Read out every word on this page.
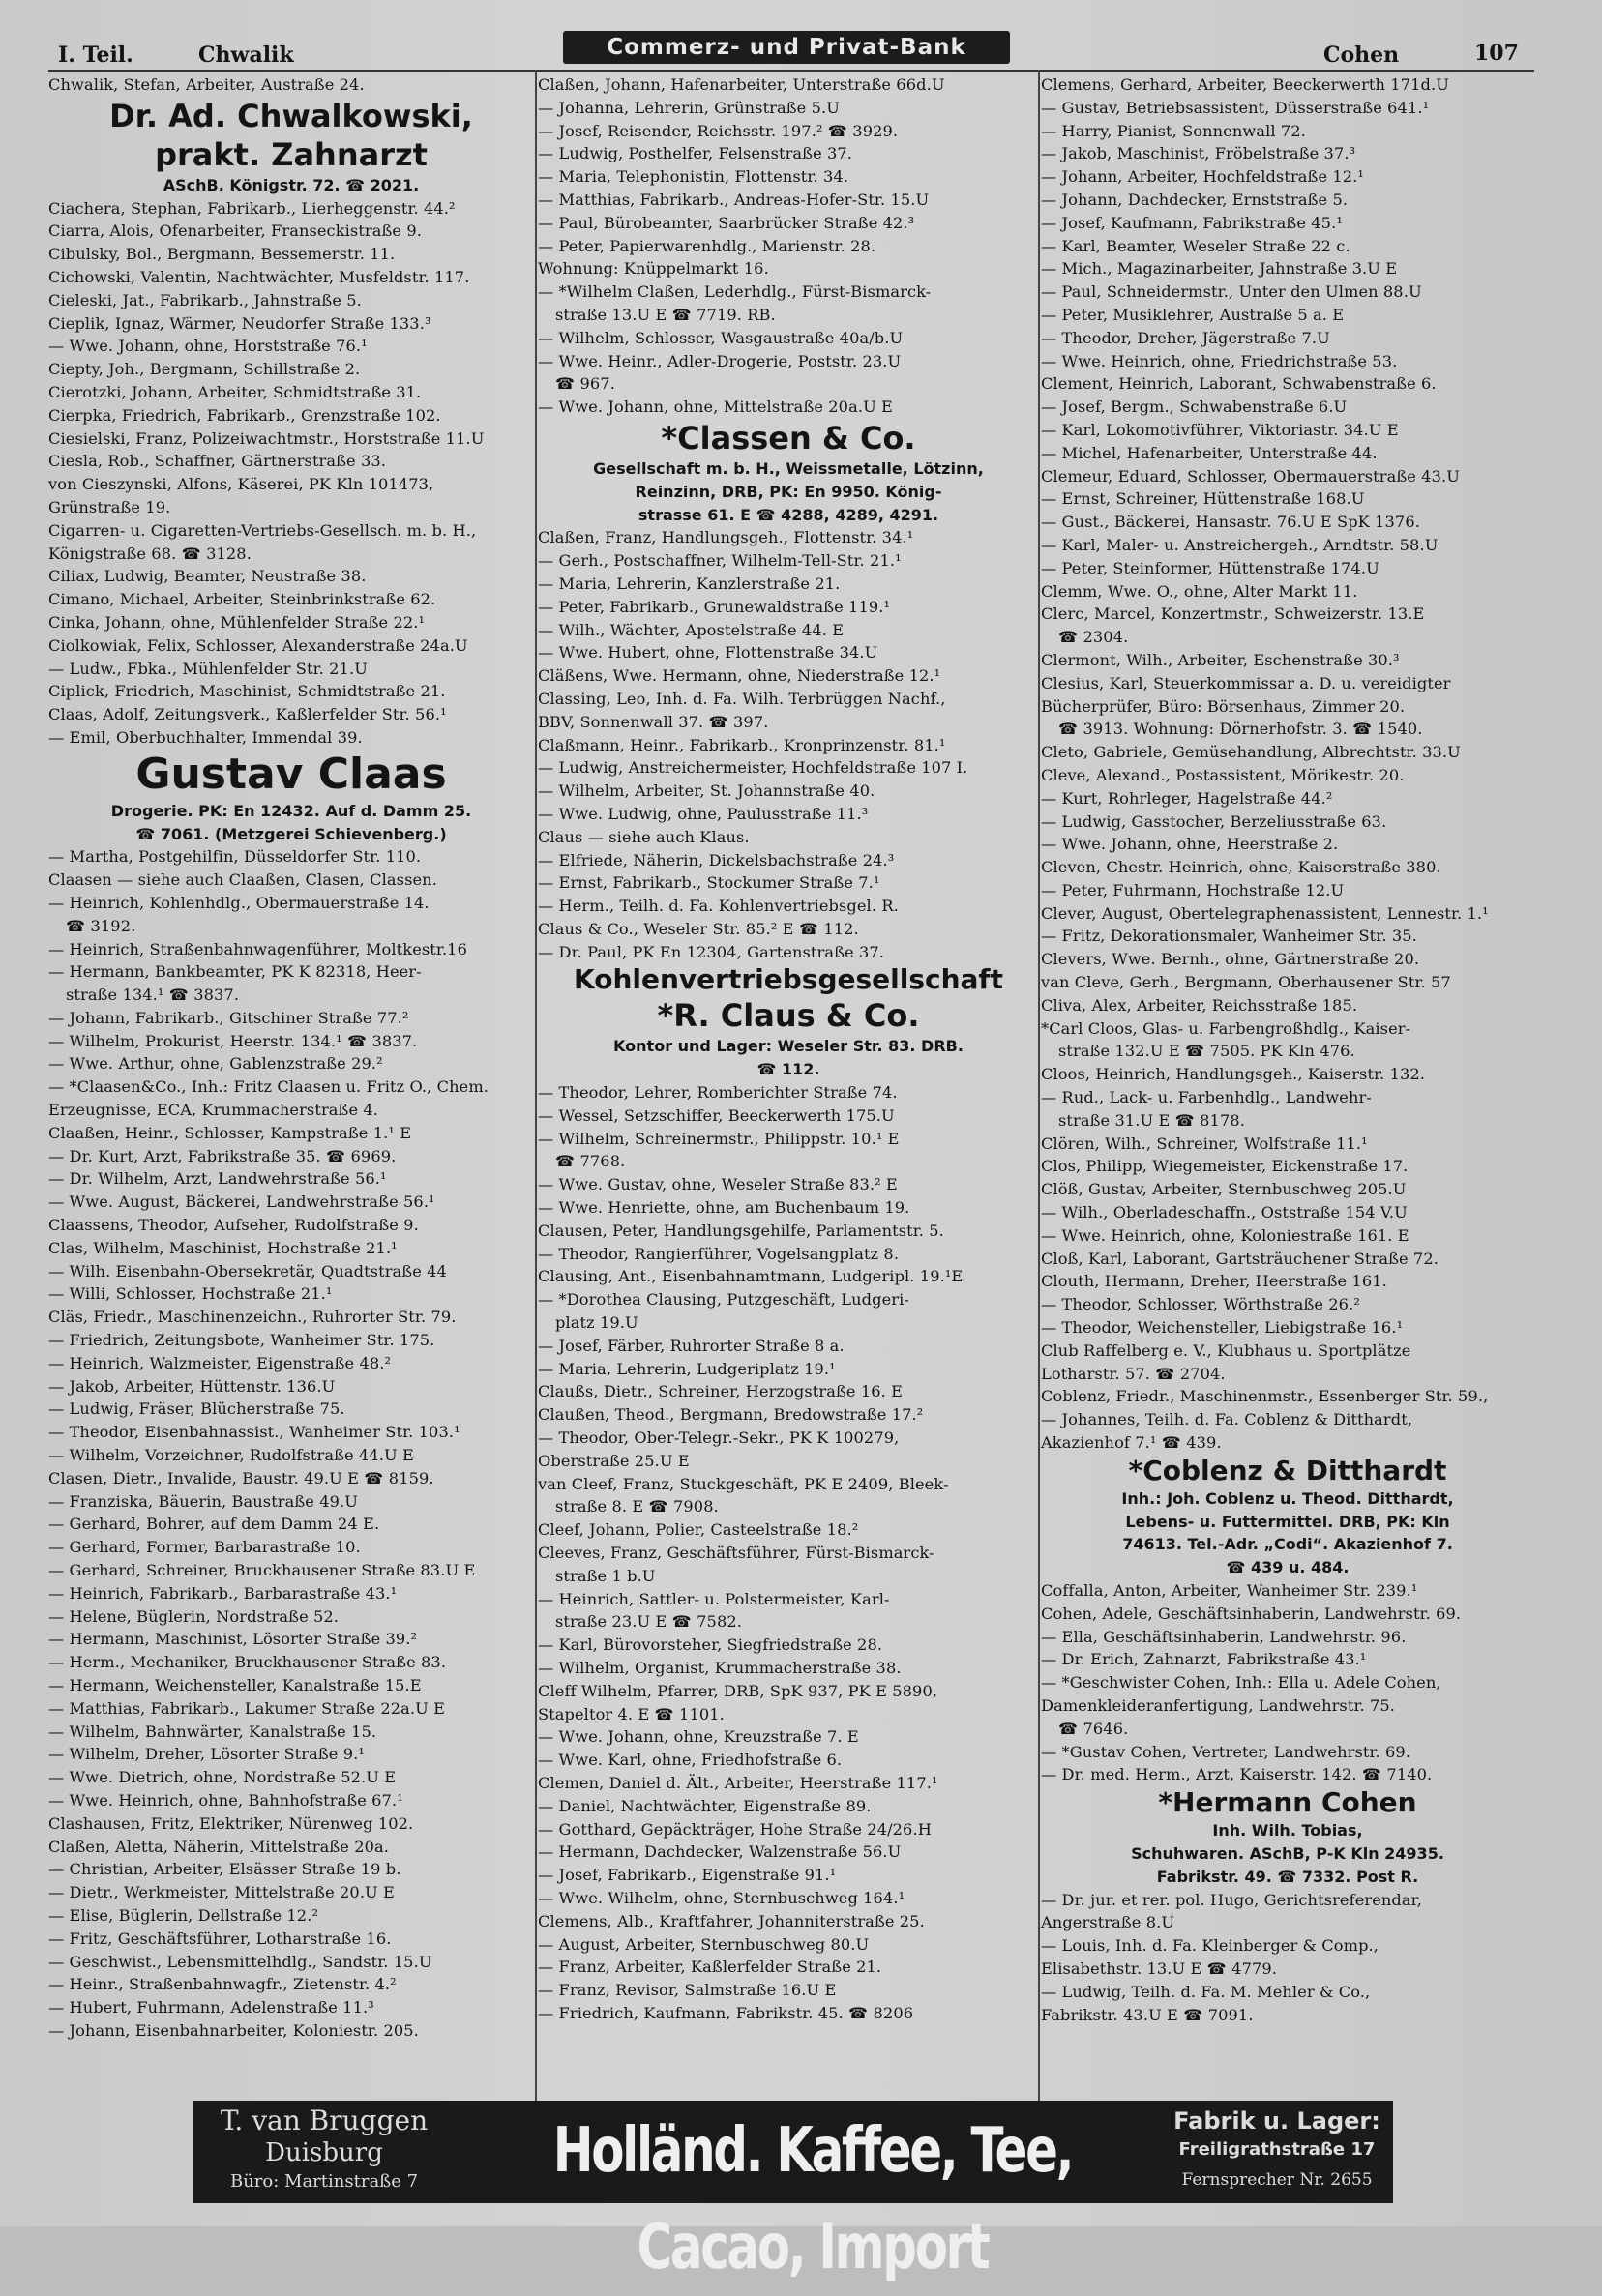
I. Teil.	Chwalik	Commerz- und Privat-Bank	Cohen	107
Chwalik, Stefan, Arbeiter, Austraße 24.
Dr. Ad. Chwalkowski,
prakt. Zahnarzt
ASchB. Königstr. 72. ☎ 2021.
Ciachera, Stephan, Fabrikarb., Lierheggenstr. 44.²
Ciarra, Alois, Ofenarbeiter, Franseckistraße 9.
Cibulsky, Bol., Bergmann, Bessemerstr. 11.
Cichowski, Valentin, Nachtwächter, Musfeldstr. 117.
Cieleski, Jat., Fabrikarb., Jahnstraße 5.
Cieplik, Ignaz, Wärmer, Neudorfer Straße 133.³
— Wwe. Johann, ohne, Horststraße 76.¹
Ciepty, Joh., Bergmann, Schillstraße 2.
Cierotzki, Johann, Arbeiter, Schmidtstraße 31.
Cierpka, Friedrich, Fabrikarb., Grenzstraße 102.
Ciesielski, Franz, Polizeiwachtmstr., Horststraße 11.U
Ciesla, Rob., Schaffner, Gärtnerstraße 33.
von Cieszynski, Alfons, Käserei, PK Kln 101473,
Grünstraße 19.
Cigarren- u. Cigaretten-Vertriebs-Gesellsch. m. b. H.,
Königstraße 68. ☎ 3128.
Ciliax, Ludwig, Beamter, Neustraße 38.
Cimano, Michael, Arbeiter, Steinbrinkstraße 62.
Cinka, Johann, ohne, Mühlenfelder Straße 22.¹
Ciolkowiak, Felix, Schlosser, Alexanderstraße 24a.U
— Ludw., Fbka., Mühlenfelder Str. 21.U
Ciplick, Friedrich, Maschinist, Schmidtstraße 21.
Claas, Adolf, Zeitungsverk., Kaßlerfelder Str. 56.¹
— Emil, Oberbuchhalter, Immendal 39.
Gustav Claas
Drogerie. PK: En 12432. Auf d. Damm 25.
☎ 7061. (Metzgerei Schievenberg.)
— Martha, Postgehilfin, Düsseldorfer Str. 110.
Claasen — siehe auch Claaßen, Clasen, Classen.
— Heinrich, Kohlenhdlg., Obermauerstraße 14.
☎ 3192.
— Heinrich, Straßenbahnwagenführer, Moltkestr.16
— Hermann, Bankbeamter, PK K 82318, Heer-
straße 134.¹ ☎ 3837.
— Johann, Fabrikarb., Gitschiner Straße 77.²
— Wilhelm, Prokurist, Heerstr. 134.¹ ☎ 3837.
— Wwe. Arthur, ohne, Gablenzstraße 29.²
— *Claasen&Co., Inh.: Fritz Claasen u. Fritz O., Chem.
Erzeugnisse, ECA, Krummacherstraße 4.
Claaßen, Heinr., Schlosser, Kampstraße 1.¹ E
— Dr. Kurt, Arzt, Fabrikstraße 35. ☎ 6969.
— Dr. Wilhelm, Arzt, Landwehrstraße 56.¹
— Wwe. August, Bäckerei, Landwehrstraße 56.¹
Claassens, Theodor, Aufseher, Rudolfstraße 9.
Clas, Wilhelm, Maschinist, Hochstraße 21.¹
— Wilh. Eisenbahn-Obersekretär, Quadtstraße 44
— Willi, Schlosser, Hochstraße 21.¹
Cläs, Friedr., Maschinenzeichn., Ruhrorter Str. 79.
— Friedrich, Zeitungsbote, Wanheimer Str. 175.
— Heinrich, Walzmeister, Eigenstraße 48.²
— Jakob, Arbeiter, Hüttenstr. 136.U
— Ludwig, Fräser, Blücherstraße 75.
— Theodor, Eisenbahnassist., Wanheimer Str. 103.¹
— Wilhelm, Vorzeichner, Rudolfstraße 44.U E
Clasen, Dietr., Invalide, Baustr. 49.U E ☎ 8159.
— Franziska, Bäuerin, Baustraße 49.U
— Gerhard, Bohrer, auf dem Damm 24 E.
— Gerhard, Former, Barbarastraße 10.
— Gerhard, Schreiner, Bruckhausener Straße 83.U E
— Heinrich, Fabrikarb., Barbarastraße 43.¹
— Helene, Büglerin, Nordstraße 52.
— Hermann, Maschinist, Lösorter Straße 39.²
— Herm., Mechaniker, Bruckhausener Straße 83.
— Hermann, Weichensteller, Kanalstraße 15.E
— Matthias, Fabrikarb., Lakumer Straße 22a.U E
— Wilhelm, Bahnwärter, Kanalstraße 15.
— Wilhelm, Dreher, Lösorter Straße 9.¹
— Wwe. Dietrich, ohne, Nordstraße 52.U E
— Wwe. Heinrich, ohne, Bahnhofstraße 67.¹
Clashausen, Fritz, Elektriker, Nürenweg 102.
Claßen, Aletta, Näherin, Mittelstraße 20a.
— Christian, Arbeiter, Elsässer Straße 19 b.
— Dietr., Werkmeister, Mittelstraße 20.U E
— Elise, Büglerin, Dellstraße 12.²
— Fritz, Geschäftsführer, Lotharstraße 16.
— Geschwist., Lebensmittelhdlg., Sandstr. 15.U
— Heinr., Straßenbahnwagfr., Zietenstr. 4.²
— Hubert, Fuhrmann, Adelenstraße 11.³
— Johann, Eisenbahnarbeiter, Koloniestr. 205.
Claßen, Johann, Hafenarbeiter, Unterstraße 66d.U
— Johanna, Lehrerin, Grünstraße 5.U
— Josef, Reisender, Reichsstr. 197.² ☎ 3929.
— Ludwig, Posthelfer, Felsenstraße 37.
— Maria, Telephonistin, Flottenstr. 34.
— Matthias, Fabrikarb., Andreas-Hofer-Str. 15.U
— Paul, Bürobeamter, Saarbrücker Straße 42.³
— Peter, Papierwarenhdlg., Marienstr. 28.
Wohnung: Knüppelmarkt 16.
— *Wilhelm Claßen, Lederhdlg., Fürst-Bismarck-
straße 13.U E ☎ 7719. RB.
— Wilhelm, Schlosser, Wasgaustraße 40a/b.U
— Wwe. Heinr., Adler-Drogerie, Poststr. 23.U
☎ 967.
— Wwe. Johann, ohne, Mittelstraße 20a.U E
*Classen & Co.
Gesellschaft m. b. H., Weissmetalle, Lötzinn,
Reinzinn, DRB, PK: En 9950. König-
strasse 61. E ☎ 4288, 4289, 4291.
Claßen, Franz, Handlungsgeh., Flottenstr. 34.¹
— Gerh., Postschaffner, Wilhelm-Tell-Str. 21.¹
— Maria, Lehrerin, Kanzlerstraße 21.
— Peter, Fabrikarb., Grunewaldstraße 119.¹
— Wilh., Wächter, Apostelstraße 44. E
— Wwe. Hubert, ohne, Flottenstraße 34.U
Cläßens, Wwe. Hermann, ohne, Niederstraße 12.¹
Classing, Leo, Inh. d. Fa. Wilh. Terbrüggen Nachf.,
BBV, Sonnenwall 37. ☎ 397.
Claßmann, Heinr., Fabrikarb., Kronprinzenstr. 81.¹
— Ludwig, Anstreichermeister, Hochfeldstraße 107 I.
— Wilhelm, Arbeiter, St. Johannstraße 40.
— Wwe. Ludwig, ohne, Paulusstraße 11.³
Claus — siehe auch Klaus.
— Elfriede, Näherin, Dickelsbachstraße 24.³
— Ernst, Fabrikarb., Stockumer Straße 7.¹
— Herm., Teilh. d. Fa. Kohlenvertriebsgel. R.
Claus & Co., Weseler Str. 85.² E ☎ 112.
— Dr. Paul, PK En 12304, Gartenstraße 37.
Kohlenvertriebsgesellschaft
*R. Claus & Co.
Kontor und Lager: Weseler Str. 83. DRB.
☎ 112.
— Theodor, Lehrer, Romberichter Straße 74.
— Wessel, Setzschiffer, Beeckerwerth 175.U
— Wilhelm, Schreinermstr., Philippstr. 10.¹ E
☎ 7768.
— Wwe. Gustav, ohne, Weseler Straße 83.² E
— Wwe. Henriette, ohne, am Buchenbaum 19.
Clausen, Peter, Handlungsgehilfe, Parlamentstr. 5.
— Theodor, Rangierführer, Vogelsangplatz 8.
Clausing, Ant., Eisenbahnamtmann, Ludgeripl. 19.¹E
— *Dorothea Clausing, Putzgeschäft, Ludgeri-
platz 19.U
— Josef, Färber, Ruhrorter Straße 8 a.
— Maria, Lehrerin, Ludgeriplatz 19.¹
Claußs, Dietr., Schreiner, Herzogstraße 16. E
Claußen, Theod., Bergmann, Bredowstraße 17.²
— Theodor, Ober-Telegr.-Sekr., PK K 100279,
Oberstraße 25.U E
van Cleef, Franz, Stuckgeschäft, PK E 2409, Bleek-
straße 8. E ☎ 7908.
Cleef, Johann, Polier, Casteelstraße 18.²
Cleeves, Franz, Geschäftsführer, Fürst-Bismarck-
straße 1 b.U
— Heinrich, Sattler- u. Polstermeister, Karl-
straße 23.U E ☎ 7582.
— Karl, Bürovorsteher, Siegfriedstraße 28.
— Wilhelm, Organist, Krummacherstraße 38.
Cleff Wilhelm, Pfarrer, DRB, SpK 937, PK E 5890,
Stapeltor 4. E ☎ 1101.
— Wwe. Johann, ohne, Kreuzstraße 7. E
— Wwe. Karl, ohne, Friedhofstraße 6.
Clemen, Daniel d. Ält., Arbeiter, Heerstraße 117.¹
— Daniel, Nachtwächter, Eigenstraße 89.
— Gotthard, Gepäckträger, Hohe Straße 24/26.H
— Hermann, Dachdecker, Walzenstraße 56.U
— Josef, Fabrikarb., Eigenstraße 91.¹
— Wwe. Wilhelm, ohne, Sternbuschweg 164.¹
Clemens, Alb., Kraftfahrer, Johanniterstraße 25.
— August, Arbeiter, Sternbuschweg 80.U
— Franz, Arbeiter, Kaßlerfelder Straße 21.
— Franz, Revisor, Salmstraße 16.U E
— Friedrich, Kaufmann, Fabrikstr. 45. ☎ 8206
Clemens, Gerhard, Arbeiter, Beeckerwerth 171d.U
— Gustav, Betriebsassistent, Düsserstraße 641.¹
— Harry, Pianist, Sonnenwall 72.
— Jakob, Maschinist, Fröbelstraße 37.³
— Johann, Arbeiter, Hochfeldstraße 12.¹
— Johann, Dachdecker, Ernststraße 5.
— Josef, Kaufmann, Fabrikstraße 45.¹
— Karl, Beamter, Weseler Straße 22 c.
— Mich., Magazinarbeiter, Jahnstraße 3.U E
— Paul, Schneidermstr., Unter den Ulmen 88.U
— Peter, Musiklehrer, Austraße 5 a. E
— Theodor, Dreher, Jägerstraße 7.U
— Wwe. Heinrich, ohne, Friedrichstraße 53.
Clement, Heinrich, Laborant, Schwabenstraße 6.
— Josef, Bergm., Schwabenstraße 6.U
— Karl, Lokomotivführer, Viktoriastr. 34.U E
— Michel, Hafenarbeiter, Unterstraße 44.
Clemeur, Eduard, Schlosser, Obermauerstraße 43.U
— Ernst, Schreiner, Hüttenstraße 168.U
— Gust., Bäckerei, Hansastr. 76.U E SpK 1376.
— Karl, Maler- u. Anstreichergeh., Arndtstr. 58.U
— Peter, Steinformer, Hüttenstraße 174.U
Clemm, Wwe. O., ohne, Alter Markt 11.
Clerc, Marcel, Konzertmstr., Schweizerstr. 13.E
☎ 2304.
Clermont, Wilh., Arbeiter, Eschenstraße 30.³
Clesius, Karl, Steuerkommissar a. D. u. vereidigter
Bücherprüfer, Büro: Börsenhaus, Zimmer 20.
☎ 3913. Wohnung: Dörnerhofstr. 3. ☎ 1540.
Cleto, Gabriele, Gemüsehandlung, Albrechtstr. 33.U
Cleve, Alexand., Postassistent, Mörikestr. 20.
— Kurt, Rohrleger, Hagelstraße 44.²
— Ludwig, Gasstocher, Berzeliusstraße 63.
— Wwe. Johann, ohne, Heerstraße 2.
Cleven, Chestr. Heinrich, ohne, Kaiserstraße 380.
— Peter, Fuhrmann, Hochstraße 12.U
Clever, August, Obertelegraphenassistent, Lennestr. 1.¹
— Fritz, Dekorationsmaler, Wanheimer Str. 35.
Clevers, Wwe. Bernh., ohne, Gärtnerstraße 20.
van Cleve, Gerh., Bergmann, Oberhausener Str. 57
Cliva, Alex, Arbeiter, Reichsstraße 185.
*Carl Cloos, Glas- u. Farbengroßhdlg., Kaiser-
straße 132.U E ☎ 7505. PK Kln 476.
Cloos, Heinrich, Handlungsgeh., Kaiserstr. 132.
— Rud., Lack- u. Farbenhdlg., Landwehr-
straße 31.U E ☎ 8178.
Clören, Wilh., Schreiner, Wolfstraße 11.¹
Clos, Philipp, Wiegemeister, Eickenstraße 17.
Clöß, Gustav, Arbeiter, Sternbuschweg 205.U
— Wilh., Oberladeschaffn., Oststraße 154 V.U
— Wwe. Heinrich, ohne, Koloniestraße 161. E
Cloß, Karl, Laborant, Gartsträuchener Straße 72.
Clouth, Hermann, Dreher, Heerstraße 161.
— Theodor, Schlosser, Wörthstraße 26.²
— Theodor, Weichensteller, Liebigstraße 16.¹
Club Raffelberg e. V., Klubhaus u. Sportplätze
Lotharstr. 57. ☎ 2704.
Coblenz, Friedr., Maschinenmstr., Essenberger Str. 59.,
— Johannes, Teilh. d. Fa. Coblenz & Ditthardt,
Akazienhof 7.¹ ☎ 439.
*Coblenz & Ditthardt
Inh.: Joh. Coblenz u. Theod. Ditthardt,
Lebens- u. Futtermittel. DRB, PK: Kln
74613. Tel.-Adr. „Codi“. Akazienhof 7.
☎ 439 u. 484.
Coffalla, Anton, Arbeiter, Wanheimer Str. 239.¹
Cohen, Adele, Geschäftsinhaberin, Landwehrstr. 69.
— Ella, Geschäftsinhaberin, Landwehrstr. 96.
— Dr. Erich, Zahnarzt, Fabrikstraße 43.¹
— *Geschwister Cohen, Inh.: Ella u. Adele Cohen,
Damenkleideranfertigung, Landwehrstr. 75.
☎ 7646.
— *Gustav Cohen, Vertreter, Landwehrstr. 69.
— Dr. med. Herm., Arzt, Kaiserstr. 142. ☎ 7140.
*Hermann Cohen
Inh. Wilh. Tobias,
Schuhwaren. ASchB, P-K Kln 24935.
Fabrikstr. 49. ☎ 7332. Post R.
— Dr. jur. et rer. pol. Hugo, Gerichtsreferendar,
Angerstraße 8.U
— Louis, Inh. d. Fa. Kleinberger & Comp.,
Elisabethstr. 13.U E ☎ 4779.
— Ludwig, Teilh. d. Fa. M. Mehler & Co.,
Fabrikstr. 43.U E ☎ 7091.
T. van Bruggen
Duisburg
Büro: Martinstraße 7	Holländ. Kaffee, Tee, Cacao, Import
Fabrik u. Lager:
Freiligrathstraße 17
Fernsprecher Nr. 2655
